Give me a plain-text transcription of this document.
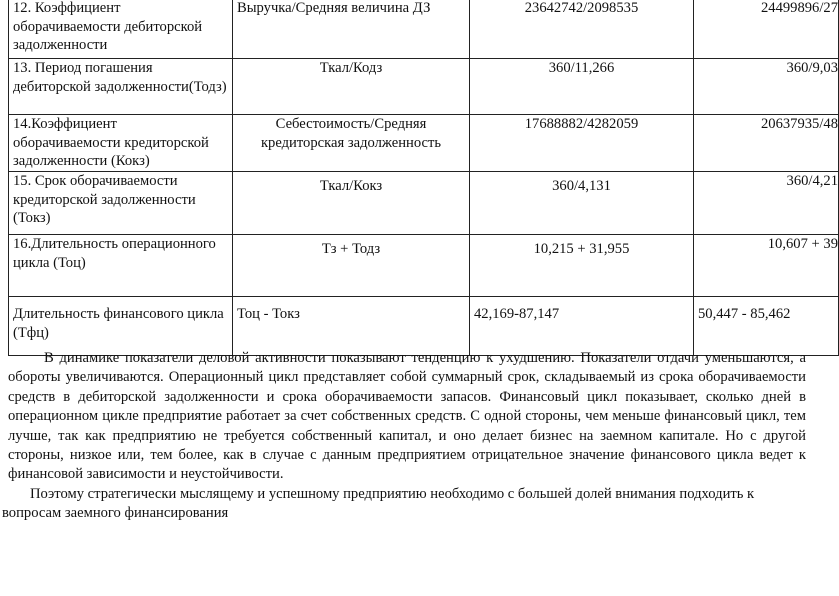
12. Коэффициент оборачиваемости дебиторской задолженности	Выручка/Средняя величина ДЗ	23642742/2098535	24499896/27
13. Период погашения дебиторской задолженности(Тодз)	Ткал/Кодз	360/11,266	360/9,03
14.Коэффициент оборачиваемости кредиторской задолженности (Кокз)	Себестоимость/Средняя кредиторская задолженность	17688882/4282059	20637935/48
15. Срок оборачиваемости кредиторской задолженности (Токз)	Ткал/Кокз	360/4,131	360/4,21
16.Длительность операционного цикла (Тоц)	Тз + Тодз	10,215 + 31,955	10,607 + 39
Длительность финансового цикла (Тфц)	Тоц - Токз	42,169-87,147	50,447 - 85,462

В динамике показатели деловой активности показывают тенденцию к ухудшению. Показатели отдачи уменьшаются, а обороты увеличиваются. Операционный цикл представляет собой суммарный срок, складываемый из срока оборачиваемости средств в дебиторской задолженности и срока оборачиваемости запасов. Финансовый цикл показывает, сколько дней в операционном цикле предприятие работает за счет собственных средств. С одной стороны, чем меньше финансовый цикл, тем лучше, так как предприятию не требуется собственный капитал, и оно делает бизнес на заемном капитале. Но с другой стороны, низкое или, тем более, как в случае с данным предприятием отрицательное значение финансового цикла ведет к финансовой зависимости и неустойчивости.

Поэтому стратегически мыслящему и успешному предприятию необходимо с большей долей внимания подходить к вопросам заемного финансирования
